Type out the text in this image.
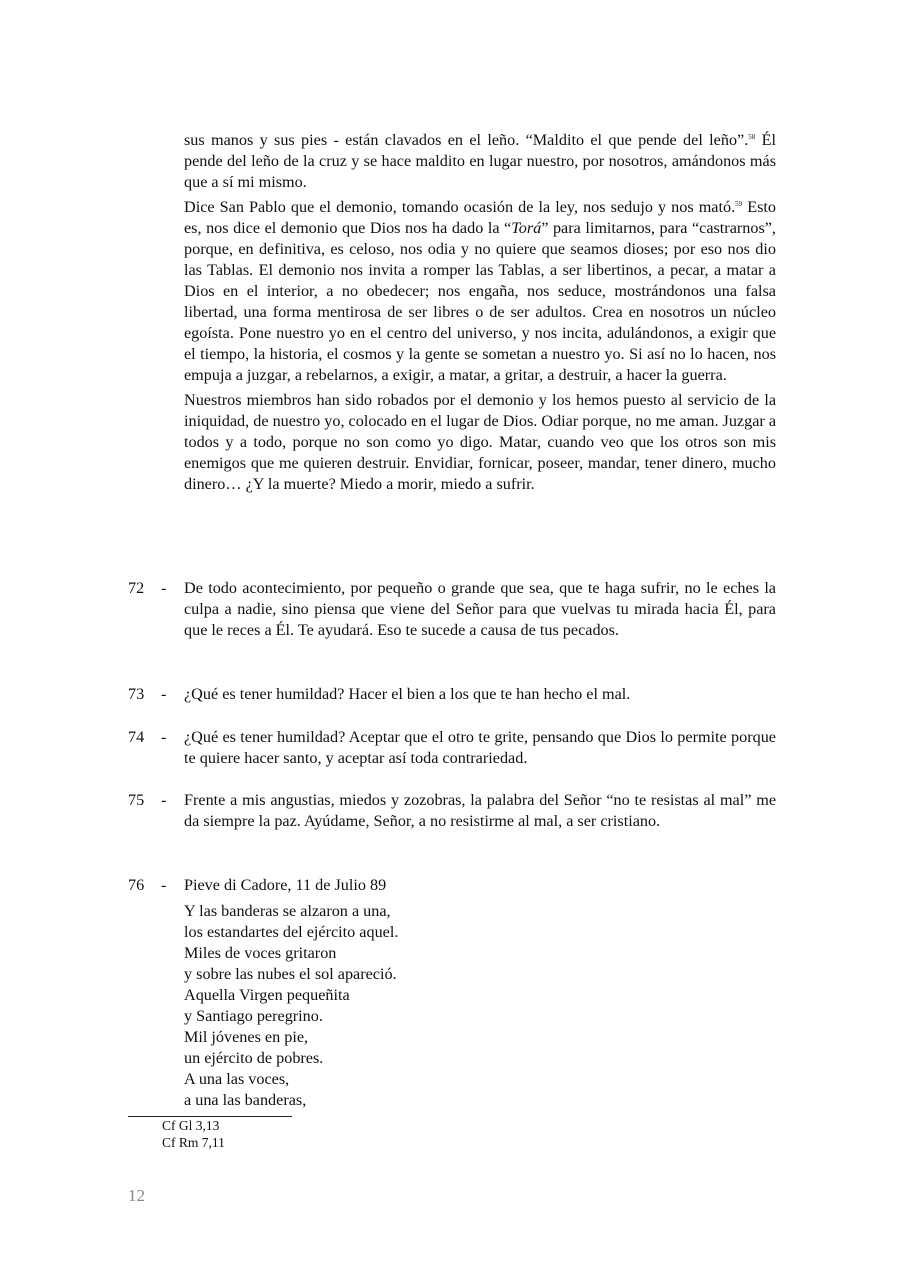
sus manos y sus pies - están clavados en el leño. “Maldito el que pende del leño”.$^{58}$ Él pende del leño de la cruz y se hace maldito en lugar nuestro, por nosotros, amándonos más que a sí mi mismo.

Dice San Pablo que el demonio, tomando ocasión de la ley, nos sedujo y nos mató.$^{59}$ Esto es, nos dice el demonio que Dios nos ha dado la “Torá” para limitarnos, para “castrarnos”, porque, en definitiva, es celoso, nos odia y no quiere que seamos dioses; por eso nos dio las Tablas. El demonio nos invita a romper las Tablas, a ser libertinos, a pecar, a matar a Dios en el interior, a no obedecer; nos engaña, nos seduce, mostrándonos una falsa libertad, una forma mentirosa de ser libres o de ser adultos. Crea en nosotros un núcleo egoísta. Pone nuestro yo en el centro del universo, y nos incita, adulándonos, a exigir que el tiempo, la historia, el cosmos y la gente se sometan a nuestro yo. Si así no lo hacen, nos empuja a juzgar, a rebelarnos, a exigir, a matar, a gritar, a destruir, a hacer la guerra.

Nuestros miembros han sido robados por el demonio y los hemos puesto al servicio de la iniquidad, de nuestro yo, colocado en el lugar de Dios. Odiar porque, no me aman. Juzgar a todos y a todo, porque no son como yo digo. Matar, cuando veo que los otros son mis enemigos que me quieren destruir. Envidiar, fornicar, poseer, mandar, tener dinero, mucho dinero… ¿Y la muerte? Miedo a morir, miedo a sufrir.

72	- De todo acontecimiento, por pequeño o grande que sea, que te haga sufrir, no le eches la culpa a nadie, sino piensa que viene del Señor para que vuelvas tu mirada hacia Él, para que le reces a Él. Te ayudará. Eso te sucede a causa de tus pecados.
73	- ¿Qué es tener humildad? Hacer el bien a los que te han hecho el mal.
74	- ¿Qué es tener humildad? Aceptar que el otro te grite, pensando que Dios lo permite porque te quiere hacer santo, y aceptar así toda contrariedad.
75	- Frente a mis angustias, miedos y zozobras, la palabra del Señor “no te resistas al mal” me da siempre la paz. Ayúdame, Señor, a no resistirme al mal, a ser cristiano.
76	- Pieve di Cadore, 11 de Julio 89
Y las banderas se alzaron a una,
los estandartes del ejército aquel.
Miles de voces gritaron
y sobre las nubes el sol apareció.
Aquella Virgen pequeñita
y Santiago peregrino.
Mil jóvenes en pie,
un ejército de pobres.
A una las voces,
a una las banderas,
Cf Gl 3,13
Cf Rm 7,11
12
